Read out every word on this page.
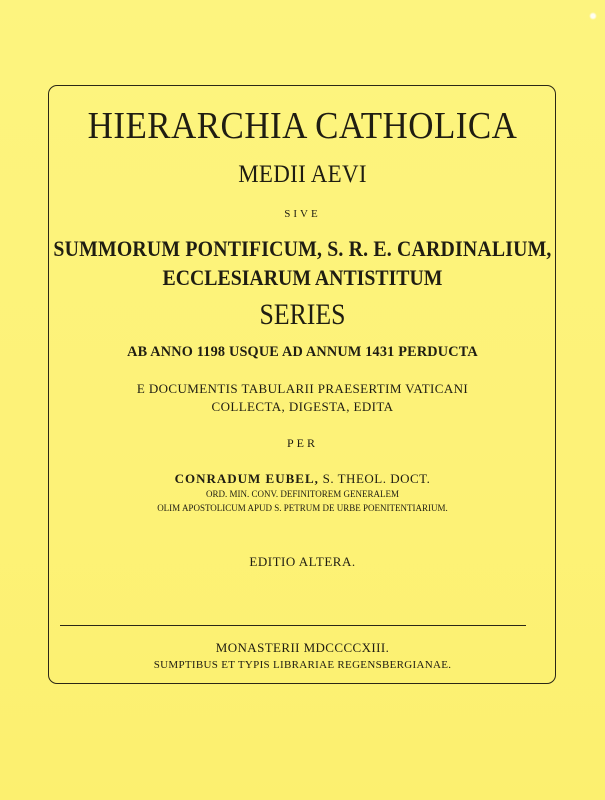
HIERARCHIA CATHOLICA
MEDII AEVI
SIVE
SUMMORUM PONTIFICUM, S. R. E. CARDINALIUM,
ECCLESIARUM ANTISTITUM
SERIES
AB ANNO 1198 USQUE AD ANNUM 1431 PERDUCTA
E DOCUMENTIS TABULARII PRAESERTIM VATICANI
COLLECTA, DIGESTA, EDITA
PER
CONRADUM EUBEL, S. THEOL. DOCT.
ORD. MIN. CONV. DEFINITOREM GENERALEM
OLIM APOSTOLICUM APUD S. PETRUM DE URBE POENITENTIARIUM.
EDITIO ALTERA.
MONASTERII MDCCCCXIII.
SUMPTIBUS ET TYPIS LIBRARIAE REGENSBERGIANAE.
